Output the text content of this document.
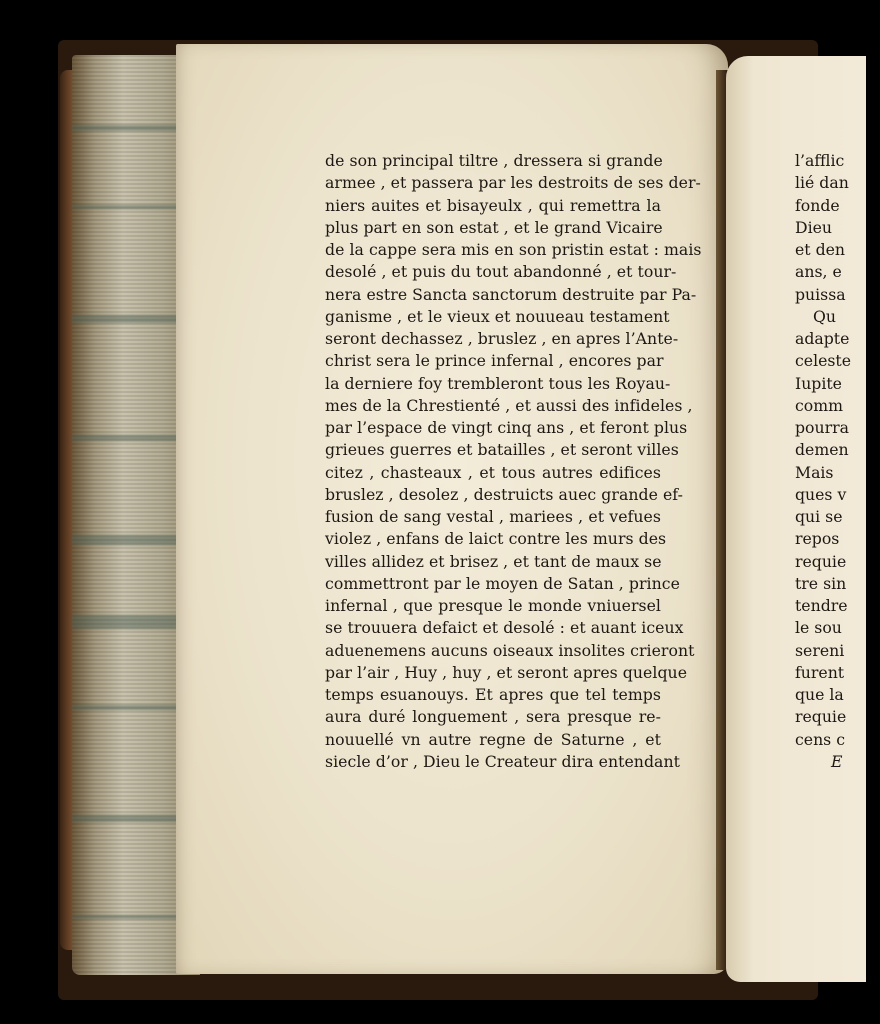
de son principal tiltre , dressera si grande
armee , et passera par les destroits de ses der-
niers auites et bisayeulx , qui remettra la
plus part en son estat , et le grand Vicaire
de la cappe sera mis en son pristin estat : mais
desolé , et puis du tout abandonné , et tour-
nera estre Sancta sanctorum destruite par Pa-
ganisme , et le vieux et nouueau testament
seront dechassez , bruslez , en apres l’Ante-
christ sera le prince infernal , encores par
la derniere foy trembleront tous les Royau-
mes de la Chrestienté , et aussi des infideles ,
par l’espace de vingt cinq ans , et feront plus
grieues guerres et batailles , et seront villes
citez , chasteaux , et tous autres edifices
bruslez , desolez , destruicts auec grande ef-
fusion de sang vestal , mariees , et vefues
violez , enfans de laict contre les murs des
villes allidez et brisez , et tant de maux se
commettront par le moyen de Satan , prince
infernal , que presque le monde vniuersel
se trouuera defaict et desolé : et auant iceux
aduenemens aucuns oiseaux insolites crieront
par l’air , Huy , huy , et seront apres quelque
temps esuanouys. Et apres que tel temps
aura duré longuement , sera presque re-
nouuellé vn autre regne de Saturne , et
siecle d’or , Dieu le Createur dira entendant
l’afflic
lié dan
fonde
Dieu
et den
ans, e
puissa
Qu
adapte
celeste
Iupite
comm
pourra
demen
Mais
ques v
qui se
repos
requie
tre sin
tendre
le sou
sereni
furent
que la
requie
cens c
E
